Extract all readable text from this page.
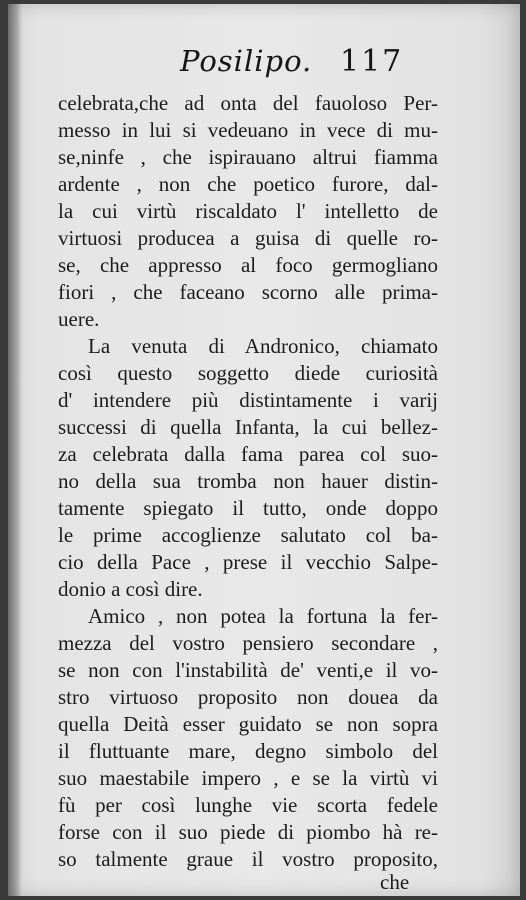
Posilipo. 117
celebrata,che ad onta del fauoloso Per-
messo in lui si vedeuano in vece di mu-
se,ninfe , che ispirauano altrui fiamma
ardente , non che poetico furore, dal-
la cui virtù riscaldato l' intelletto de
virtuosi producea a guisa di quelle ro-
se, che appresso al foco germogliano
fiori , che faceano scorno alle prima-
uere.
La venuta di Andronico, chiamato
così questo soggetto diede curiosità
d' intendere più distintamente i varij
successi di quella Infanta, la cui bellez-
za celebrata dalla fama parea col suo-
no della sua tromba non hauer distin-
tamente spiegato il tutto, onde doppo
le prime accoglienze salutato col ba-
cio della Pace , prese il vecchio Salpe-
donio a così dire.
Amico , non potea la fortuna la fer-
mezza del vostro pensiero secondare ,
se non con l'instabilità de' venti,e il vo-
stro virtuoso proposito non douea da
quella Deità esser guidato se non sopra
il fluttuante mare, degno simbolo del
suo maestabile impero , e se la virtù vi
fù per così lunghe vie scorta fedele
forse con il suo piede di piombo hà re-
so talmente graue il vostro proposito,
che
